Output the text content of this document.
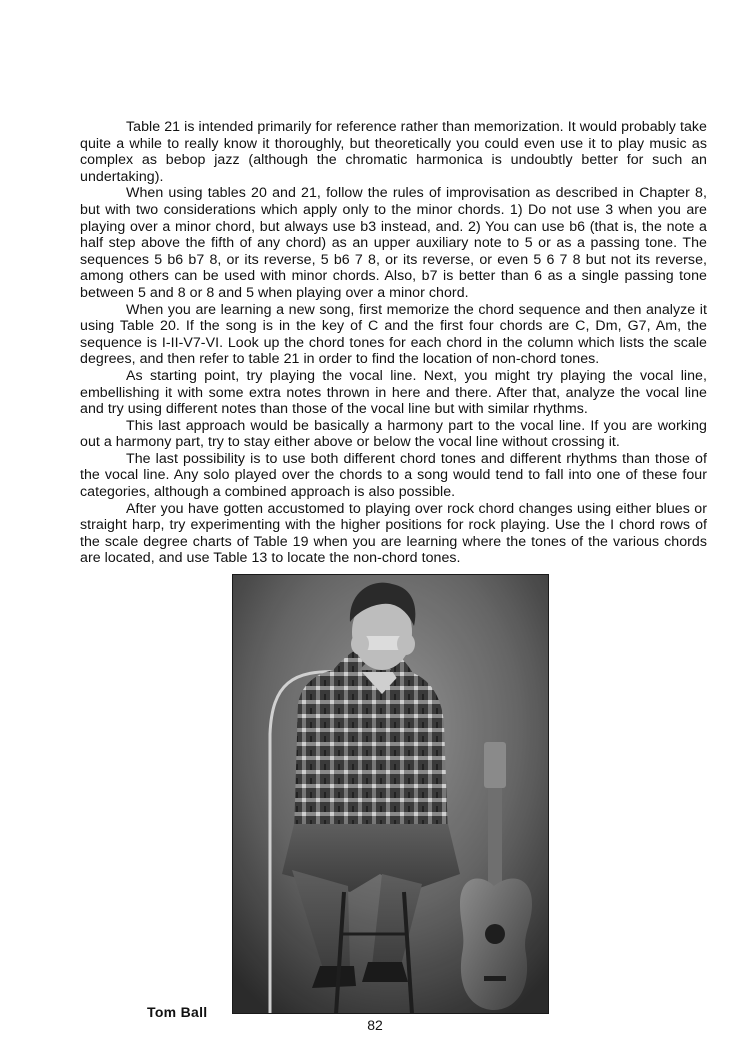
Table 21 is intended primarily for reference rather than memorization. It would probably take quite a while to really know it thoroughly, but theoretically you could even use it to play music as complex as bebop jazz (although the chromatic harmonica is undoubtly better for such an undertaking).

When using tables 20 and 21, follow the rules of improvisation as described in Chapter 8, but with two considerations which apply only to the minor chords. 1) Do not use 3 when you are playing over a minor chord, but always use b3 instead, and. 2) You can use b6 (that is, the note a half step above the fifth of any chord) as an upper auxiliary note to 5 or as a passing tone. The sequences 5 b6 b7 8, or its reverse, 5 b6 7 8, or its reverse, or even 5 6 7 8 but not its reverse, among others can be used with minor chords. Also, b7 is better than 6 as a single passing tone between 5 and 8 or 8 and 5 when playing over a minor chord.

When you are learning a new song, first memorize the chord sequence and then analyze it using Table 20. If the song is in the key of C and the first four chords are C, Dm, G7, Am, the sequence is I-II-V7-VI. Look up the chord tones for each chord in the column which lists the scale degrees, and then refer to table 21 in order to find the location of non-chord tones.

As starting point, try playing the vocal line. Next, you might try playing the vocal line, embellishing it with some extra notes thrown in here and there. After that, analyze the vocal line and try using different notes than those of the vocal line but with similar rhythms.

This last approach would be basically a harmony part to the vocal line. If you are working out a harmony part, try to stay either above or below the vocal line without crossing it.

The last possibility is to use both different chord tones and different rhythms than those of the vocal line. Any solo played over the chords to a song would tend to fall into one of these four categories, although a combined approach is also possible.

After you have gotten accustomed to playing over rock chord changes using either blues or straight harp, try experimenting with the higher positions for rock playing. Use the I chord rows of the scale degree charts of Table 19 when you are learning where the tones of the various chords are located, and use Table 13 to locate the non-chord tones.

Tom Ball
82
